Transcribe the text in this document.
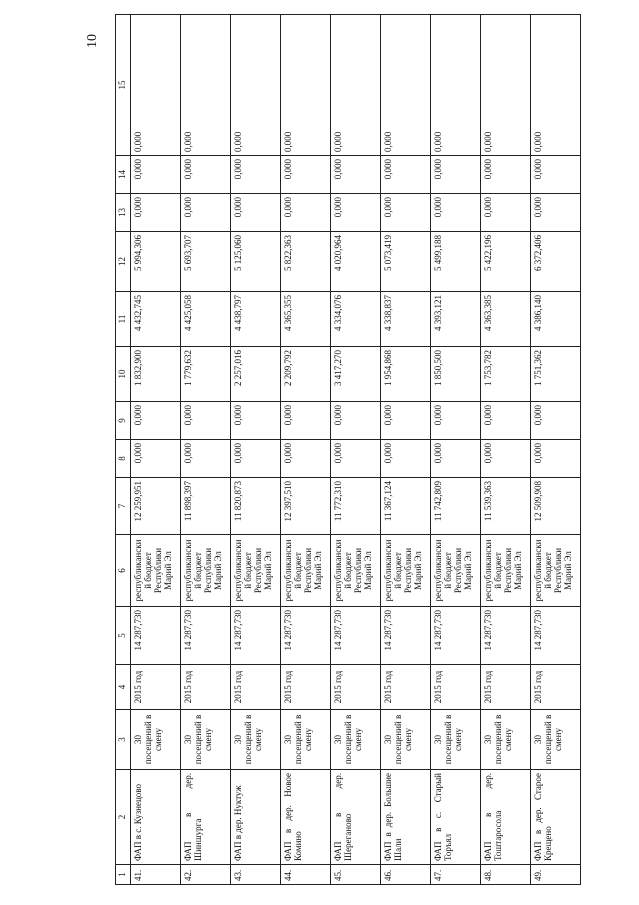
10
1	2	3	4	5	6	7	8	9	10	11	12	13	14	15
41.	ФАП в с. Кузнецово	30 посещений в смену	2015 год	14 287,730	республиканский бюджет Республики Марий Эл	12 259,951	0,000	0,000	1 832,900	4 432,745	5 994,306	0,000	0,000	0,000
42.	ФАП в дер. Шиншургa	30 посещений в смену	2015 год	14 287,730	республиканский бюджет Республики Марий Эл	11 898,397	0,000	0,000	1 779,632	4 425,058	5 693,707	0,000	0,000	0,000
43.	ФАП в дер. Нуктуж	30 посещений в смену	2015 год	14 287,730	республиканский бюджет Республики Марий Эл	11 820,873	0,000	0,000	2 257,016	4 438,797	5 125,060	0,000	0,000	0,000
44.	ФАП в дер. Новое Комино	30 посещений в смену	2015 год	14 287,730	республиканский бюджет Республики Марий Эл	12 397,510	0,000	0,000	2 209,792	4 365,355	5 822,363	0,000	0,000	0,000
45.	ФАП в дер. Шереганово	30 посещений в смену	2015 год	14 287,730	республиканский бюджет Республики Марий Эл	11 772,310	0,000	0,000	3 417,270	4 334,076	4 020,964	0,000	0,000	0,000
46.	ФАП в дер. Большие Шали	30 посещений в смену	2015 год	14 287,730	республиканский бюджет Республики Марий Эл	11 367,124	0,000	0,000	1 954,868	4 338,837	5 073,419	0,000	0,000	0,000
47.	ФАП в с. Старый Торъял	30 посещений в смену	2015 год	14 287,730	республиканский бюджет Республики Марий Эл	11 742,809	0,000	0,000	1 850,500	4 393,121	5 499,188	0,000	0,000	0,000
48.	ФАП в дер. Тоштаросола	30 посещений в смену	2015 год	14 287,730	республиканский бюджет Республики Марий Эл	11 539,363	0,000	0,000	1 753,782	4 363,385	5 422,196	0,000	0,000	0,000
49.	ФАП в дер. Старое Крещено	30 посещений в смену	2015 год	14 287,730	республиканский бюджет Республики Марий Эл	12 509,908	0,000	0,000	1 751,362	4 386,140	6 372,406	0,000	0,000	0,000
